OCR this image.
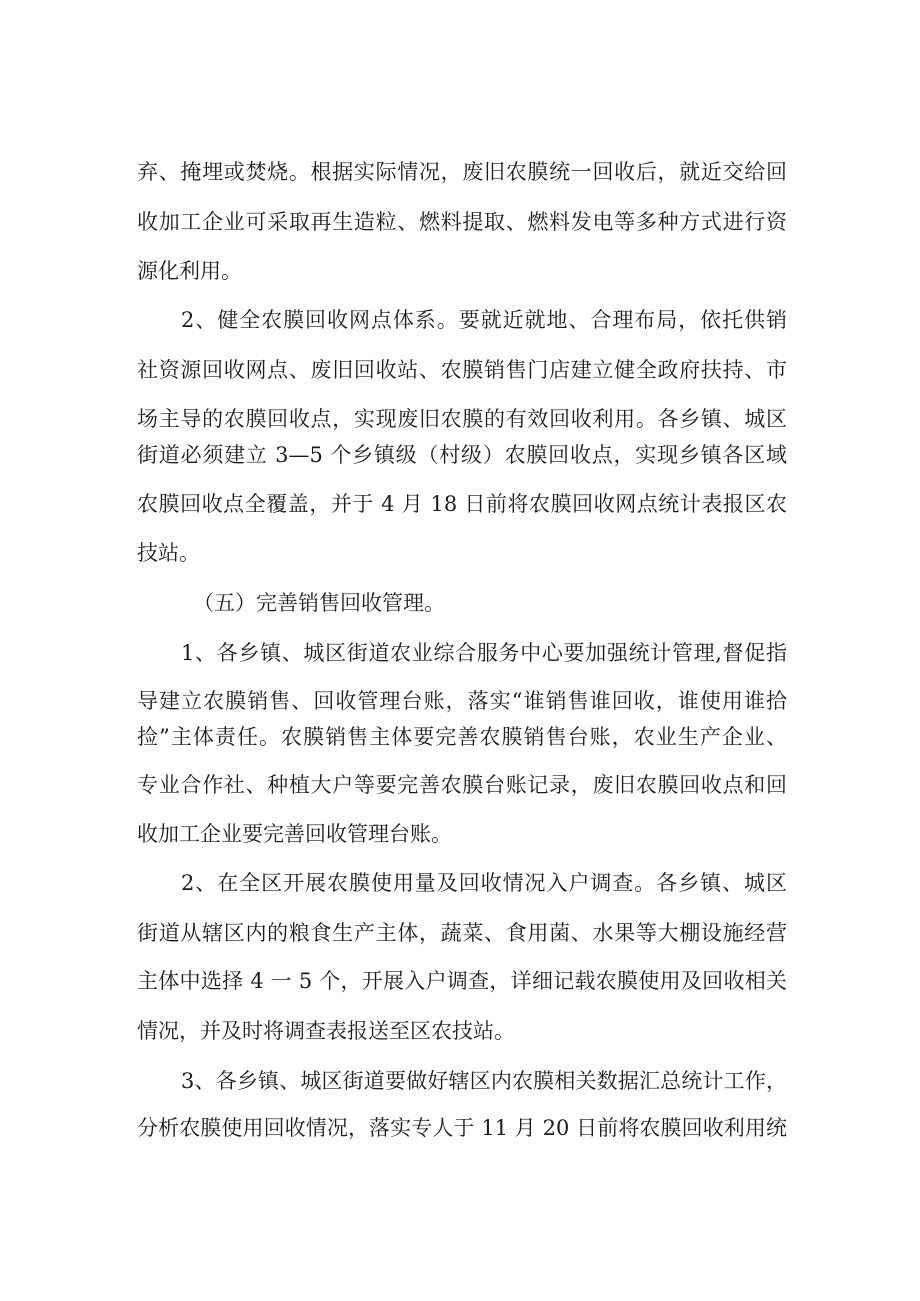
弃、掩埋或焚烧。根据实际情况，废旧农膜统一回收后，就近交给回
收加工企业可采取再生造粒、燃料提取、燃料发电等多种方式进行资
源化利用。
2、健全农膜回收网点体系。要就近就地、合理布局，依托供销
社资源回收网点、废旧回收站、农膜销售门店建立健全政府扶持、市
场主导的农膜回收点，实现废旧农膜的有效回收利用。各乡镇、城区
街道必须建立 3—5 个乡镇级（村级）农膜回收点，实现乡镇各区域
农膜回收点全覆盖，并于 4 月 18 日前将农膜回收网点统计表报区农
技站。
（五）完善销售回收管理。
1、各乡镇、城区街道农业综合服务中心要加强统计管理,督促指
导建立农膜销售、回收管理台账，落实“谁销售谁回收，谁使用谁拾
捡”主体责任。农膜销售主体要完善农膜销售台账，农业生产企业、
专业合作社、种植大户等要完善农膜台账记录，废旧农膜回收点和回
收加工企业要完善回收管理台账。
2、在全区开展农膜使用量及回收情况入户调查。各乡镇、城区
街道从辖区内的粮食生产主体，蔬菜、食用菌、水果等大棚设施经营
主体中选择 4 一 5 个，开展入户调查，详细记载农膜使用及回收相关
情况，并及时将调查表报送至区农技站。
3、各乡镇、城区街道要做好辖区内农膜相关数据汇总统计工作，
分析农膜使用回收情况，落实专人于 11 月 20 日前将农膜回收利用统
